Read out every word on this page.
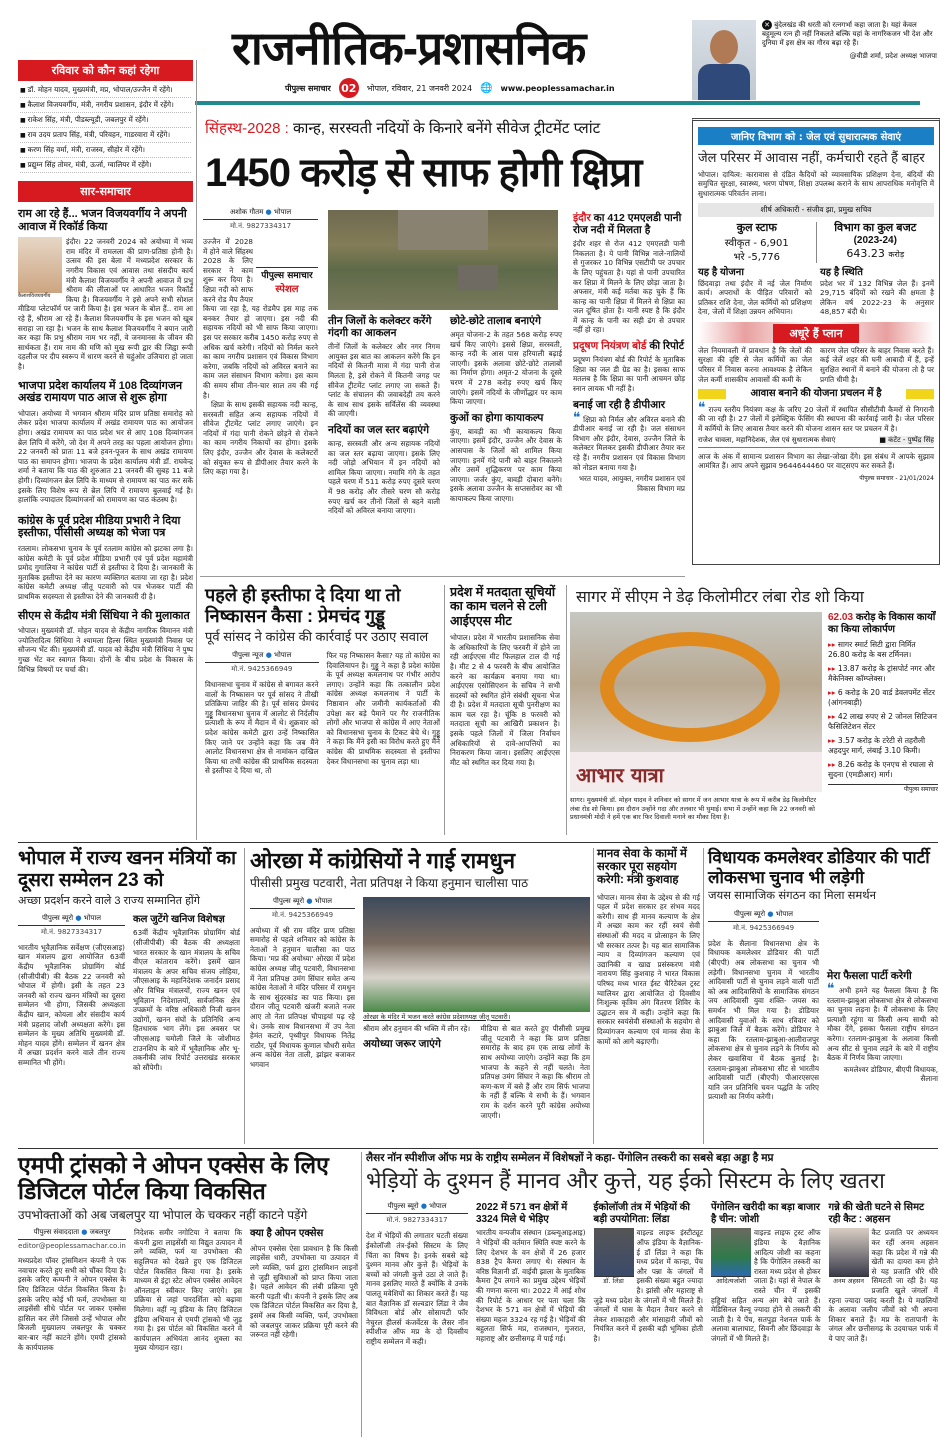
राजनीतिक-प्रशासनिक
पीपुल्स समाचार 02 भोपाल, रविवार, 21 जनवरी 2024 🌐 www.peoplessamachar.in
✕ बुंदेलखंड की धरती को रत्नगर्भा कहा जाता है। यहां केवल बहुमूल्य रत्न ही नहीं निकलते बल्कि यहां के नागरिकजन भी देश और दुनिया में इस क्षेत्र का गौरव बढ़ा रहे हैं।
@वीडी शर्मा, प्रदेश अध्यक्ष भाजपा
रविवार को कौन कहां रहेगा
■ डॉ. मोहन यादव, मुख्यमंत्री, मप्र, भोपाल/उज्जैन में रहेंगे।
■ कैलाश विजयवर्गीय, मंत्री, नगरीय प्रशासन, इंदौर में रहेंगे।
■ राकेश सिंह, मंत्री, पीडब्ल्यूडी, जबलपुर में रहेंगे।
■ राव उदय प्रताप सिंह, मंत्री, परिवहन, गाडरवारा में रहेंगे।
■ करण सिंह वर्मा, मंत्री, राजस्व, सीहोर में रहेंगे।
■ प्रद्युम्न सिंह तोमर, मंत्री, ऊर्जा, ग्वालियर में रहेंगे।
सार-समाचार
राम आ रहे हैं... भजन विजयवर्गीय ने अपनी आवाज में रिकॉर्ड किया
कैलाशविजयवर्गीय
इंदौर। 22 जनवरी 2024 को अयोध्या में भव्य राम मंदिर में रामलला की प्राण-प्रतिष्ठा होनी है। उत्सव की इस बेला में मध्यप्रदेश सरकार के नगरीय विकास एवं आवास तथा संसदीय कार्य मंत्री कैलाश विजयवर्गीय ने अपनी आवाज में प्रभु श्रीराम की लीलाओं पर आधारित भजन रिकॉर्ड किया है। विजयवर्गीय ने इसे अपने सभी सोशल मीडिया प्लेटफॉर्म पर जारी किया है। इस भजन के बोल हैं.. राम आ रहे हैं, श्रीराम आ रहे हैं। कैलाश विजयवर्गीय के इस भजन को खूब सराहा जा रहा है। भजन के साथ कैलाश विजयवर्गीय ने बयान जारी कर कहा कि प्रभु श्रीराम नाम भर नहीं, वे जनमानस के जीवन की सार्थकता हैं। राम नाम की मणि को मुख रूपी द्वार की जिह्वा रूपी दहलीज पर दीप स्वरूप में धारण करने से चहुंओर उजियारा हो जाता है।
भाजपा प्रदेश कार्यालय में 108 दिव्यांगजन अखंड रामायण पाठ आज से शुरू होगा
भोपाल। अयोध्या में भगवान श्रीराम मंदिर प्राण प्रतिष्ठा समारोह को लेकर प्रदेश भाजपा कार्यालय में अखंड रामायण पाठ का आयोजन होगा। अखंड रामायण का पाठ प्रदेश भर से आए 108 दिव्यांगजन ब्रेल लिपि में करेंगे, जो देश में अपने तरह का पहला आयोजन होगा। 22 जनवरी को प्रातः 11 बजे हवन-पूजन के साथ अखंड रामायण पाठ का समापन होगा। भाजपा के प्रदेश कार्यालय मंत्री डॉ. राघवेन्द्र शर्मा ने बताया कि पाठ की शुरुआत 21 जनवरी की सुबह 11 बजे होगी। दिव्यांगजन ब्रेल लिपि के माध्यम से रामायण का पाठ कर सकें इसके लिए विशेष रूप से ब्रेल लिपि में रामायण बुलवाई गई है। हालांकि ज्यादातर दिव्यांगजनों को रामायण का पाठ कंठस्थ है।
कांग्रेस के पूर्व प्रदेश मीडिया प्रभारी ने दिया इस्तीफा, पीसीसी अध्यक्ष को भेजा पत्र
रतलाम। लोकसभा चुनाव के पूर्व रतलाम कांग्रेस को झटका लगा है। कांग्रेस कमेटी के पूर्व प्रदेश मीडिया प्रभारी एवं पूर्व प्रदेश महामंत्री प्रमोद गुगालिया ने कांग्रेस पार्टी से इस्तीफा दे दिया है। जानकारी के मुताबिक इस्तीफा देने का कारण व्यक्तिगत बताया जा रहा है। प्रदेश कांग्रेस कमेटी अध्यक्ष जीतू पटवारी को पत्र भेजकर पार्टी की प्राथमिक सदस्यता से इस्तीफा देने की जानकारी दी है।
सीएम से केंद्रीय मंत्री सिंधिया ने की मुलाकात
भोपाल। मुख्यमंत्री डॉ. मोहन यादव से केंद्रीय नागरिक विमानन मंत्री ज्योतिरादित्य सिंधिया ने श्यामला हिल्स स्थित मुख्यमंत्री निवास पर सौजन्य भेंट की। मुख्यमंत्री डॉ. यादव को केंद्रीय मंत्री सिंधिया ने पुष्प गुच्छ भेंट कर स्वागत किया। दोनों के बीच प्रदेश के विकास के विभिन्न विषयों पर चर्चा की।
सिंहस्थ-2028 : कान्ह, सरस्वती नदियों के किनारे बनेंगे सीवेज ट्रीटमेंट प्लांट
1450 करोड़ से साफ होगी क्षिप्रा
अशोक गौतम ● भोपाल
मो.नं. 9827334317
पीपुल्स समाचार
स्पेशल
उज्जैन में 2028 में होने वाले सिंहस्थ 2028 के लिए सरकार ने काम शुरू कर दिया है। क्षिप्रा नदी को साफ करने रोड मैप तैयार किया जा रहा है, यह रोडमैप इस माह तक बनकर तैयार हो जाएगा। इस नदी की सहायक नदियों को भी साफ किया जाएगा। इस पर सरकार करीब 1450 करोड़ रुपए से अधिक खर्च करेगी। नदियों को निर्मल करने का काम नगरीय प्रशासन एवं विकास विभाग करेगा, जबकि नदियों को अविरल बनाने का काम जल संसाधन विभाग करेगा। इस काम की समय सीमा तीन-चार साल तय की गई है।
क्षिप्रा के साथ इसकी सहायक नदी कान्ह, सरस्वती सहित अन्य सहायक नदियों में सीवेज ट्रीटमेंट प्लांट लगाए जाएंगे। इन नदियों में गंदा पानी रोकने छोड़ने से रोकने का काम नगरीय निकायों का होगा। इसके लिए इंदौर, उज्जैन और देवास के कलेक्टरों को संयुक्त रूप से डीपीआर तैयार करने के लिए कहा गया है।
तीन जिलों के कलेक्टर करेंगे गंदगी का आकलन
तीनों जिलों के कलेक्टर और नगर निगम आयुक्त इस बात का आकलन करेंगे कि इन नदियों से कितनी मात्रा में गंदा पानी रोज मिलता है, इसे रोकने में कितनी जगह पर सीवेज ट्रीटमेंट प्लांट लगाए जा सकते हैं। प्लांट के संचालन की जवाबदेही तय करने के साथ साथ इसके सर्विलेंस की व्यवस्था की जाएगी।
नदियों का जल स्तर बढ़ाएंगे
कान्ह, सरस्वती और अन्य सहायक नदियों का जल स्तर बढ़ाया जाएगा। इसके लिए नदी जोड़ो अभियान में इन नदियों को शामिल किया जाएगा। नमामि गंगे के तहत पहले चरण में 511 करोड़ रुपए दूसरे चरण में 98 करोड़ और तीसरे चरण सौ करोड़ रुपए खर्च कर तीनों जिलों से बहने वाली नदियों को अविरल बनाया जाएगा।
छोटे-छोटे तालाब बनाएंगे
अमृत योजना-2 के तहत 568 करोड़ रुपए खर्च किए जाएंगे। इससे क्षिप्रा, सरस्वती, कान्ह नदी के आस पास हरियाली बढ़ाई जाएगी। इसके अलावा छोटे-छोटे तालाबों का निर्माण होगा। अमृत-2 योजना के दूसरे चरण में 278 करोड़ रुपए खर्च किए जाएंगे। इसमें नदियों के जीर्णोद्धार पर काम किया जाएगा।
कुओं का होगा कायाकल्प
कुंए, बावड़ी का भी कायाकल्प किया जाएगा। इसमें इंदौर, उज्जैन और देवास के आसपास के जिलों को शामिल किया जाएगा। इनमें गंदे पानी को बाहर निकालने और उसमें शुद्धिकरण पर काम किया जाएगा। जर्जर कुंए, बावड़ी दोबारा बनेंगे। इसके अलावा उज्जैन के सप्तसरोवर का भी कायाकल्प किया जाएगा।
इंदौर का 412 एमएलडी पानी रोज नदी में मिलता है
इंदौर शहर से रोज 412 एमएलडी पानी निकलता है। ये पानी विभिन्न नाले-नालियों से गुजरकर 10 विभिन्न एसटीपी पर उपचार के लिए पहुंचता है। यहां से पानी उपचारित कर क्षिप्रा में मिलने के लिए छोड़ा जाता है। अफसर, मंत्री कई मर्तबा कह चुके हैं कि कान्ह का पानी क्षिप्रा में मिलने से क्षिप्रा का जल दूषित होता है। यानी स्पष्ट है कि इंदौर में कान्ह के पानी का सही ढंग से उपचार नहीं हो रहा।
प्रदूषण नियंत्रण बोर्ड की रिपोर्ट
प्रदूषण नियंत्रण बोर्ड की रिपोर्ट के मुताबिक क्षिप्रा का जल डी ग्रेड का है। इसका साफ मतलब है कि क्षिप्रा का पानी आचमन छोड़ स्नान लायक भी नहीं है।
बनाई जा रही है डीपीआर
❝ क्षिप्रा को निर्मल और अविरल बनाने की डीपीआर बनाई जा रही है। जल संसाधन विभाग और इंदौर, देवास, उज्जैन जिले के कलेक्टर मिलकर इसकी डीपीआर तैयार कर रहे हैं। नगरीय प्रशासन एवं विकास विभाग को नोडल बनाया गया है।
भरत यादव, आयुक्त, नगरीय प्रशासन एवं विकास विभाग मप्र
जानिए विभाग को : जेल एवं सुधारात्मक सेवाएं
जेल परिसर में आवास नहीं, कर्मचारी रहते हैं बाहर
भोपाल। दायित्व: कारावास से दंडित कैदियों को व्यावसायिक प्रशिक्षण देना, बंदियों की समुचित सुरक्षा, स्वास्थ्य, भरण पोषण, शिक्षा उपलब्ध कराने के साथ आपराधिक मनोवृत्ति में सुधारात्मक परिवर्तन लाना।
शीर्ष अधिकारी - संजीव झा, प्रमुख सचिव
कुल स्टाफ
स्वीकृत - 6,901
भरे -5,776
विभाग का कुल बजट
(2023-24)
643.23 करोड़
यह है योजना
छिंदवाड़ा तथा इंदौर में नई जेल निर्माण कार्य। अपराधों के पीड़ित परिवारों को प्रतिकर राशि देना, जेल कर्मियों को प्रशिक्षण देना, जेलों में शिक्षा उन्नयन अभियान।
यह है स्थिति
प्रदेश भर में 132 विभिन्न जेल हैं। इनमें 29,715 बंदियों को रखने की क्षमता है लेकिन वर्ष 2022-23 के अनुसार 48,857 बंदी थे।
अधूरे हैं प्लान
जेल नियमावली में प्रावधान है कि जेलों की सुरक्षा की दृष्टि से जेल कर्मियों का जेल परिसर में निवास करना आवश्यक है लेकिन जेल कर्मी शासकीय आवासों की कमी के
कारण जेल परिसर के बाहर निवास करते हैं। कई जेलें शहर की घनी आबादी में हैं, इन्हें सुरक्षित स्थानों में बनाने की योजना तो है पर प्रगति धीमी है।
आवास बनाने की योजना प्रचलन में है
❝ राज्य स्तरीय नियंत्रण कक्ष के जरिए 20 जेलों में स्थापित सीसीटीवी कैमरों से निगरानी की जा रही है। 27 जेलों में इलेक्ट्रिक फेंसिंग की स्थापना की कार्रवाई जारी है। जेल परिसर में कर्मियों के लिए आवास तैयार करने की योजना शासन स्तर पर प्रचलन में है।
राजेश चावला, महानिदेशक, जेल एवं सुधारात्मक सेवाएं	■ कंटेंट - पुष्पेंद्र सिंह
आज के अंक में सामान्य प्रशासन विभाग का लेखा-जोखा देंगे। इस संबंध में आपके सुझाव आमंत्रित हैं। आप अपने सुझाव 9644644460 पर वाट्सएप कर सकते हैं।
पीपुल्स समाचार - 21/01/2024
पहले ही इस्तीफा दे दिया था तो निष्कासन कैसा : प्रेमचंद गुड्डू
पूर्व सांसद ने कांग्रेस की कार्रवाई पर उठाए सवाल
पीपुल्स न्यूज ● भोपाल
मो.नं. 9425366949
विधानसभा चुनाव में कांग्रेस से बगावत करने वालों के निष्कासन पर पूर्व सांसद ने तीखी प्रतिक्रिया जाहिर की है। पूर्व सांसद प्रेमचंद गुड्डू विधानसभा चुनाव में आलोट से निर्दलीय प्रत्याशी के रूप में मैदान में थे। शुक्रवार को प्रदेश कांग्रेस कमेटी द्वारा उन्हें निष्कासित किए जाने पर उन्होंने कहा कि जब मैंने आलोट विधानसभा क्षेत्र से नामांकन दाखिल किया था तभी कांग्रेस की प्राथमिक सदस्यता से इस्तीफा दे दिया था, तो
फिर यह निष्कासन कैसा? यह तो कांग्रेस का दिवालियापन है। गुड्डू ने कहा है प्रदेश कांग्रेस के पूर्व अध्यक्ष कमलनाथ पर गंभीर आरोप लगाए। उन्होंने कहा कि तत्कालीन प्रदेश कांग्रेस अध्यक्ष कमलनाथ ने पार्टी के निष्ठावान और जमीनी कार्यकर्ताओं की उपेक्षा कर बड़े पैमाने पर गैर राजनीतिक लोगों और भाजपा से कांग्रेस में आए नेताओं को विधानसभा चुनाव के टिकट बेचे थे। गुड्डू ने कहा कि मैंने इसी का विरोध करते हुए मैंने कांग्रेस की प्राथमिक सदस्यता से इस्तीफा देकर विधानसभा का चुनाव लड़ा था।
प्रदेश में मतदाता सूचियों का काम चलने से टली आईएएस मीट
भोपाल। प्रदेश में भारतीय प्रशासनिक सेवा के अधिकारियों के लिए फरवरी में होने जा रही आईएएस मीट फिलहाल टाल दी गई है। मीट 2 से 4 फरवरी के बीच आयोजित करने का कार्यक्रम बनाया गया था। आईएएस एसोसिएशन के सचिव ने सभी सदस्यों को स्थगित होने संबंधी सूचना भेज दी है। प्रदेश में मतदाता सूची पुनरीक्षण का काम चल रहा है। चूंकि 8 फरवरी को मतदाता सूची का आखिरी प्रकाशन है। इसके पहले जिलों में जिला निर्वाचन अधिकारियों से दावे-आपत्तियों का निराकरण किया जाना। इसलिए आईएएस मीट को स्थगित कर दिया गया है।
सागर में सीएम ने डेढ़ किलोमीटर लंबा रोड शो किया
आभार यात्रा
सागर। मुख्यमंत्री डॉ. मोहन यादव ने शनिवार को सागर में जन आभार यात्रा के रूप में करीब डेढ़ किलोमीटर लंबा रोड शो किया। इस दौरान उन्होंने गदा और तलवार भी घुमाई। सभा में उन्होंने कहा कि 22 जनवरी को प्रधानमंत्री मोदी ने हमें एक बार फिर दिवाली मनाने का मौका दिया है।
62.03 करोड़ के विकास कार्यों का किया लोकार्पण
▸▸ सागर स्मार्ट सिटी द्वारा निर्मित 26.80 करोड़ के बस टर्मिनल।
▸▸ 13.87 करोड़ के ट्रांसपोर्ट नगर और मैकेनिक्स कॉम्प्लेक्स।
▸▸ 6 करोड़ के 20 वार्ड डेवलपमेंट सेंटर (आंगनबाड़ी)
▸▸ 42 लाख रुपए से 2 जोनल सिटिजन फैसिलिटेशन सेंटर
▸▸ 3.57 करोड़ के टरेटी से तहरौली अहदपुर मार्ग, लंबाई 3.10 किमी।
▸▸ 8.26 करोड़ के एनएच से रघाला से सुदना (एमडीआर) मार्ग।
पीपुल्स समाचार
भोपाल में राज्य खनन मंत्रियों का दूसरा सम्मेलन 23 को
अच्छा प्रदर्शन करने वाले 3 राज्य सम्मानित होंगे
पीपुल्स ब्यूरो ● भोपाल
मो.नं. 9827334317
भारतीय भूवैज्ञानिक सर्वेक्षण (जीएसआइ) खान मंत्रालय द्वारा आयोजित 63वीं केंद्रीय भूवैज्ञानिक प्रोग्रामिंग बोर्ड (सीजीपीबी) की बैठक 22 जनवरी को भोपाल में होगी। इसी के तहत 23 जनवरी को राज्य खनन मंत्रियों का दूसरा सम्मेलन भी होगा, जिसकी अध्यक्षता केंद्रीय खान, कोयला और संसदीय कार्य मंत्री प्रहलाद जोशी अध्यक्षता करेंगे। इस सम्मेलन के मुख्य अतिथि मुख्यमंत्री डॉ. मोहन यादव होंगे। सम्मेलन में खनन क्षेत्र में अच्छा प्रदर्शन करने वाले तीन राज्य सम्मानित भी होंगे।
कल जुटेंगे खनिज विशेषज्ञ
63वीं केंद्रीय भूवैज्ञानिक प्रोग्रामिंग बोर्ड (सीजीपीबी) की बैठक की अध्यक्षता भारत सरकार के खान मंत्रालय के सचिव वीएल कांताराव करेंगे। इसमें खान मंत्रालय के अपर सचिव संजय लोहिया, जीएसआइ के महानिदेशक जनार्दन प्रसाद और विभिन्न मंत्रालयों, राज्य खनन एवं भूविज्ञान निदेशालयों, सार्वजनिक क्षेत्र उपक्रमों के वरिष्ठ अधिकारी निजी खनन उद्योगों, खनन संघों के प्रतिनिधि अन्य हितधारक भाग लेंगे। इस अवसर पर जीएसआइ चमोली जिले के जोशीमठ टाउनशिप के बारे में भूवैज्ञानिक और भू-तकनीकी जांच रिपोर्ट उत्तराखंड सरकार को सौंपेगी।
ओरछा में कांग्रेसियों ने गाई रामधुन
पीसीसी प्रमुख पटवारी, नेता प्रतिपक्ष ने किया हनुमान चालीसा पाठ
पीपुल्स ब्यूरो ● भोपाल
मो.नं. 9425366949
अयोध्या में श्री राम मंदिर प्राण प्रतिष्ठा समारोह से पहले शनिवार को कांग्रेस के नेताओं ने हनुमान चालीसा का पाठ किया। 'मप्र की अयोध्या' ओरछा में प्रदेश कांग्रेस अध्यक्ष जीतू पटवारी, विधानसभा में नेता प्रतिपक्ष उमंग सिंघार समेत अन्य कांग्रेस नेताओं ने मंदिर परिसर में रामधुन के साथ सुंदरकांड का पाठ किया। इस दौरान जीतू पटवारी खंजरी बजाते नजर आए तो नेता प्रतिपक्ष चौपाइयां पढ़ रहे थे। उनके साथ विधानसभा में उप नेता हेमंत कटारे, पृथ्वीपुर विधायक नितेंद्र राठौर, पूर्व विधायक कुणाल चौधरी समेत अन्य कांग्रेस नेता ताली, झांझर बजाकर भगवान
ओरछा के मंदिर में भजन करते कांग्रेस प्रदेशाध्यक्ष जीतू पटवारी।
श्रीराम और हनुमान की भक्ति में लीन रहे।
अयोध्या जरूर जाएंगे
मीडिया से बात करते हुए पीसीसी प्रमुख जीतू पटवारी ने कहा कि प्राण प्रतिष्ठा समारोह के बाद हम एक लाख लोगों के साथ अयोध्या जाएंगे। उन्होंने कहा कि हम भाजपा के कहने से नहीं चलते। नेता प्रतिपक्ष उमंग सिंघार ने कहा कि श्रीराम तो कण-कण में बसे हैं और राम सिर्फ भाजपा के नहीं हैं बल्कि ये सभी के हैं। भगवान राम के दर्शन करने पूरी कांग्रेस अयोध्या जाएगी।
मानव सेवा के कामों में सरकार पूरा सहयोग करेगी: मंत्री कुशवाह
भोपाल। मानव सेवा के उद्देश्य से की गई पहल में प्रदेश सरकार हर संभव मदद करेगी। साथ ही मानव कल्याण के क्षेत्र में अच्छा काम कर रहीं स्वयं सेवी संस्थाओं की मदद व प्रोत्साहन के लिए भी सरकार तत्पर है। यह बात सामाजिक न्याय व दिव्यांगजन कल्याण एवं उद्यानिकी व खाद्य प्रसंस्करण मंत्री नारायण सिंह कुशवाह ने भारत विकास परिषद मध्य भारत ईस्ट चैरिटेबल ट्रस्ट ग्वालियर द्वारा आयोजित दो दिवसीय निःशुल्क कृत्रिम अंग वितरण शिविर के उद्घाटन सत्र में कही। उन्होंने कहा कि सरकार स्वयंसेवी संस्थाओं के सहयोग से दिव्यांगजन कल्याण एवं मानव सेवा के कामों को आगे बढ़ाएगी।
विधायक कमलेश्वर डोडियार की पार्टी लोकसभा चुनाव भी लड़ेगी
जयस सामाजिक संगठन का मिला समर्थन
पीपुल्स ब्यूरो ● भोपाल
मो.नं. 9425366949
प्रदेश के सैलाना विधानसभा क्षेत्र के विधायक कमलेश्वर डोडियार की पार्टी (बीएपी) अब लोकसभा का चुनाव भी लड़ेगी। विधानसभा चुनाव में भारतीय आदिवासी पार्टी से चुनाव लड़ने वाली पार्टी को अब आदिवासियों के सामाजिक संगठन जय आदिवासी युवा शक्ति- जयस का समर्थन भी मिल गया है। डोडियार आदिवासी युवाओं के साथ रविवार को झाबुआ जिले में बैठक करेंगे। डोडियार ने कहा कि रतलाम-झाबुआ-आलीराजपुर लोकसभा क्षेत्र से चुनाव लड़ने के निर्णय को लेकर खवासिया में बैठक बुलाई है। रतलाम-झाबुआ लोकसभा सीट से भारतीय आदिवासी पार्टी (बीएपी) पीआरएसएस यानि जन प्रतिनिधि चयन पद्धति के जरिए प्रत्याशी का निर्णय करेगी।
मेरा फैसला पार्टी करेगी
❝ अभी हमने यह फैसला किया है कि रतलाम-झाबुआ लोकसभा क्षेत्र से लोकसभा का चुनाव लड़ना है। मैं लोकसभा के लिए प्रत्याशी रहूंगा या किसी अन्य साथी को मौका देंगे, इसका फैसला राष्ट्रीय संगठन करेगा। रतलाम-झाबुआ के अलावा किसी अन्य सीट से चुनाव लड़ने के बारे में राष्ट्रीय बैठक में निर्णय किया जाएगा।
कमलेश्वर डोडियार, बीएपी विधायक, सैलाना
एमपी ट्रांसको ने ओपन एक्सेस के लिए डिजिटल पोर्टल किया विकसित
उपभोक्ताओं को अब जबलपुर या भोपाल के चक्कर नहीं काटने पड़ेंगे
पीपुल्स संवाददाता ● जबलपुर
editor@peoplessamachar.co.in
मध्यप्रदेश पॉवर ट्रांसमिशन कंपनी ने एक नवाचार करते हुए सभी को चौंका दिया है। इसके जरिए कम्पनी ने ओपन एक्सेस के लिए डिजिटल पोर्टल विकसित किया है। इसके जरिए कोई भी फर्म, उपभोक्ता या लाइसेंसी सीधे पोर्टल पर जाकर एक्सेस हासिल कर लेंगे जिससे उन्हें भोपाल और बिजली मुख्यालय जबलपुर के चक्कर बार-बार नहीं काटने होंगे। एमपी ट्रांसको के कार्यपालक
निदेशक समीर नगोटिया ने बताया कि कंपनी द्वारा लाइसेंसी या विद्युत उत्पादन में लगे व्यक्ति, फर्म या उपभोक्ता की सहूलियत को देखते हुए एक डिजिटल पोर्टल विकसित किया गया है। इसके माध्यम से इंट्रा स्टेट ओपन एक्सेस आवेदन ऑनलाइन स्वीकार किए जाएंगे। इस प्रक्रिया से जहां पारदर्शिता को बढ़ावा मिलेगा। वहीं न्यू इंडिया के लिए डिजिटल इंडिया अभियान से एमपी ट्रांसको भी जुड़ गया है। इस पोर्टल को विकसित करने में कार्यपालन अभियंता आनंद शुक्ला का मुख्य योगदान रहा।
क्या है ओपन एक्सेस
ओपन एक्सेस ऐसा प्रावधान है कि किसी लाइसेंस धारी, उपभोक्ता या उत्पादन में लगे व्यक्ति, फर्म द्वारा ट्रांसमिशन लाइनों से जुड़ी सुविधाओं को प्राप्त किया जाता है। पहले आवेदन की लंबी प्रक्रिया पूरी करनी पड़ती थी। कंपनी ने इसके लिए अब एक डिजिटल पोर्टल विकसित कर दिया है, इसमें अब किसी व्यक्ति, फर्म, उपभोक्ता को जबलपुर जाकर प्रक्रिया पूरी करने की जरूरत नहीं रहेगी।
लैसर नॉन स्पीशीज ऑफ मप्र के राष्ट्रीय सम्मेलन में विशेषज्ञों ने कहा- पेंगोलिन तस्करी का सबसे बड़ा अड्डा है मप्र
भेड़ियों के दुश्मन हैं मानव और कुत्ते, यह ईको सिस्टम के लिए खतरा
पीपुल्स ब्यूरो ● भोपाल
मो.नं. 9827334317
देश में भेड़ियों की लगातार घटती संख्या ईकोलॉजी तंत्र-ईको सिस्टम के लिए चिंता का विषय है। इनके सबसे बड़े दुश्मन मानव और कुत्ते हैं। भेड़ियों के बच्चों को जंगली कुत्ते उठा ले जाते हैं। मानव इसलिए मारते हैं क्योंकि वे उनके पालतू मवेशियों का शिकार करते हैं। यह बात वैज्ञानिक डॉ सल्वडार लिंडा ने जैव विविधता बोर्ड और सोसायटी फॉर नेचुरल हीलर्स कंजर्वेटस के लैसर नॉन स्पीशीज ऑफ मप्र के दो दिवसीय राष्ट्रीय सम्मेलन में कही।
2022 में 571 वन क्षेत्रों में 3324 मिले थे भेड़िए
भारतीय वन्यजीव संस्थान (डब्ल्यूआइआइ) ने भेड़ियों की वर्तमान स्थिति स्पष्ट करने के लिए देशभर के वन क्षेत्रों में 26 हजार 838 ट्रैप कैमरा लगाए थे। संस्थान के वरिष्ठ विज्ञानी डॉ. वाईवी झाला के मुताबिक कैमरा ट्रैप लगाने का प्रमुख उद्देश्य भेड़ियों की गणना करना था। 2022 में आई शोध की रिपोर्ट के आधार पर पता चला कि देशभर के 571 वन क्षेत्रों में भेड़ियों की संख्या महज 3324 रह गई है। भेड़ियों की बहुलता सिर्फ मप्र, राजस्थान, गुजरात, महाराष्ट्र और छत्तीसगढ़ में पाई गई।
ईकोलॉजी तंत्र में भेड़ियों की बड़ी उपयोगिता: लिंडा
डॉ. लिंडा
वाइल्ड लाइफ इंस्टीट्यूट ऑफ इंडिया के वैज्ञानिक-ई डॉ लिंडा ने कहा कि मध्य प्रदेश में कान्हा, पेंच और पन्ना के जंगलों में इसकी संख्या बहुत ज्यादा है। झांसी और महाराष्ट्र से जुड़े मध्य प्रदेश के जंगलों में भी मिलते हैं। जंगलों में घास के मैदान तैयार करने से लेकर शाकाहारी और मांसाहारी जीवों को नियंत्रित करने में इसकी बड़ी भूमिका होती है।
पेंगोलिन खरीदी का बड़ा बाजार है चीन: जोशी
आदित्यजोशी
वाइल्ड लाइफ ट्रस्ट ऑफ इंडिया के वैज्ञानिक आदित्य जोशी का कहना है कि पेंगोलिन तस्करी का रास्ता मध्य प्रदेश से होकर जाता है। यहां से नेपाल के रास्ते चीन में इसकी हड्डियां सहित अन्य अंग बेचे जाते हैं। मेडिसिनल वैल्यू ज्यादा होने से तस्करी की जाती है। ये पेंच, सतपुड़ा नेशनल पार्क के अलावा बालाघाट, सिवनी और छिंदवाड़ा के जंगलों में भी मिलते हैं।
गन्ने की खेती घटने से सिमट रही कैट : अहसन
अनम अहसन
कैट प्रजाति पर अध्ययन कर रहीं अनम अहसन कहा कि प्रदेश में गन्ने की खेती का दायरा कम होने से यह प्रजाति धीरे धीरे सिमटती जा रही है। यह प्रजाति खुले जंगलों में रहना ज्यादा पसंद करती है। ये मछलियों के अलावा जलीय जीवों को भी अपना शिकार बनाते हैं। मप्र के रातापानी के जंगल और छत्तीसगढ़ के उदयाचल पार्क में ये पाए जाते हैं।
